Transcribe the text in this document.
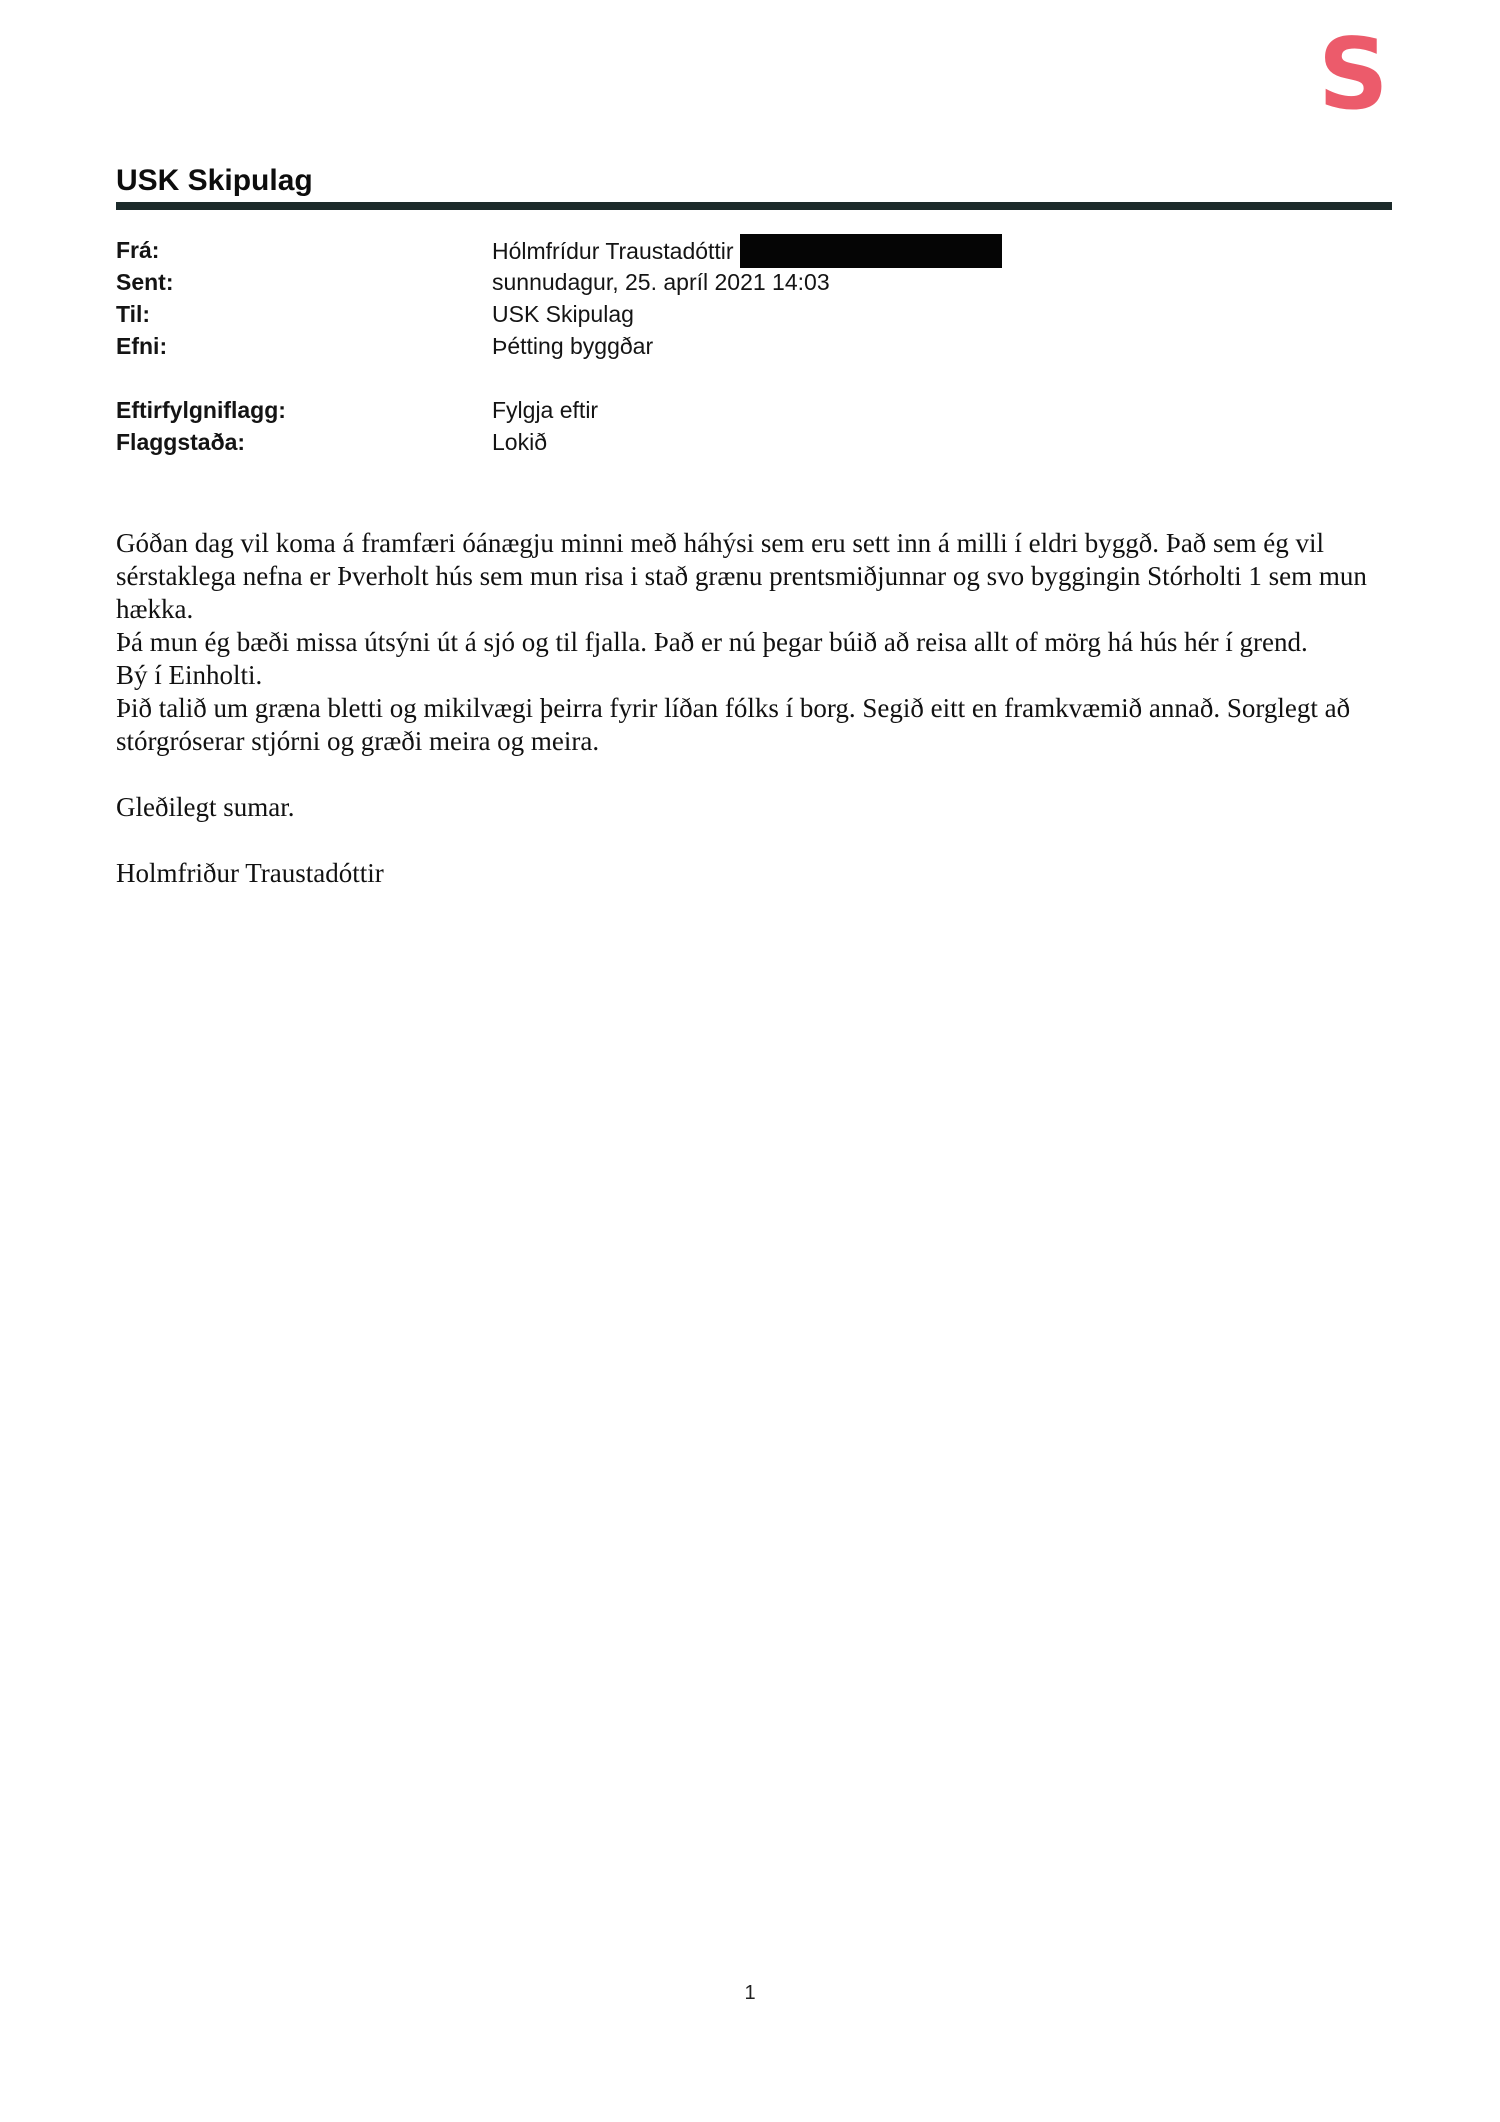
S
USK Skipulag
Frá:	Hólmfrídur Traustadóttir
Sent:	sunnudagur, 25. apríl 2021 14:03
Til:	USK Skipulag
Efni:	Þétting byggðar
Eftirfylgniflagg:	Fylgja eftir
Flaggstaða:	Lokið

Góðan dag vil koma á framfæri óánægju minni með háhýsi sem eru sett inn á milli í eldri byggð. Það sem ég vil sérstaklega nefna er Þverholt hús sem mun risa i stað grænu prentsmiðjunnar og svo byggingin Stórholti 1 sem mun hækka.

Þá mun ég bæði missa útsýni út á sjó og til fjalla. Það er nú þegar búið að reisa allt of mörg há hús hér í grend.

Bý í Einholti.

Þið talið um græna bletti og mikilvægi þeirra fyrir líðan fólks í borg. Segið eitt en framkvæmið annað. Sorglegt að stórgróserar stjórni og græði meira og meira.

Gleðilegt sumar.

Holmfriður Traustadóttir

1
